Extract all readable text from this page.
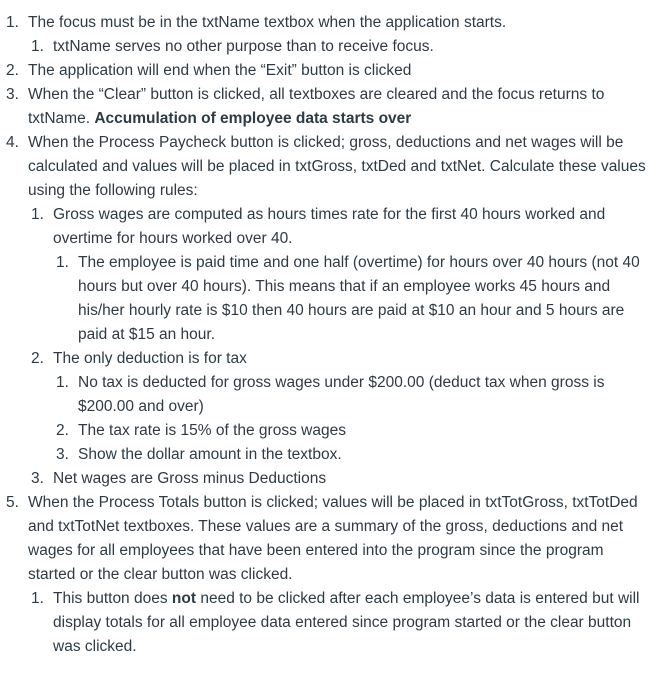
1. The focus must be in the txtName textbox when the application starts.
1. txtName serves no other purpose than to receive focus.
2. The application will end when the “Exit” button is clicked
3. When the “Clear” button is clicked, all textboxes are cleared and the focus returns to txtName. Accumulation of employee data starts over
4. When the Process Paycheck button is clicked; gross, deductions and net wages will be calculated and values will be placed in txtGross, txtDed and txtNet. Calculate these values using the following rules:
1. Gross wages are computed as hours times rate for the first 40 hours worked and overtime for hours worked over 40.
1. The employee is paid time and one half (overtime) for hours over 40 hours (not 40 hours but over 40 hours). This means that if an employee works 45 hours and his/her hourly rate is $10 then 40 hours are paid at $10 an hour and 5 hours are paid at $15 an hour.
2. The only deduction is for tax
1. No tax is deducted for gross wages under $200.00 (deduct tax when gross is $200.00 and over)
2. The tax rate is 15% of the gross wages
3. Show the dollar amount in the textbox.
3. Net wages are Gross minus Deductions
5. When the Process Totals button is clicked; values will be placed in txtTotGross, txtTotDed and txtTotNet textboxes. These values are a summary of the gross, deductions and net wages for all employees that have been entered into the program since the program started or the clear button was clicked.
1. This button does not need to be clicked after each employee’s data is entered but will display totals for all employee data entered since program started or the clear button was clicked.
